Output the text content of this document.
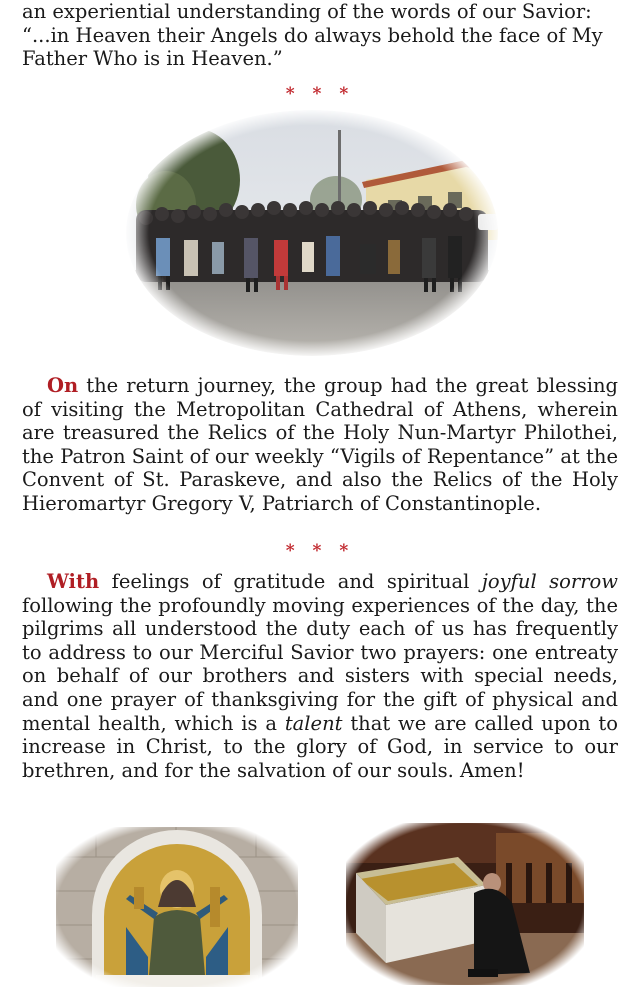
an experiential understanding of the words of our Savior:
“...in Heaven their Angels do always behold the face of My
Father Who is in Heaven.”
* * *
On the return journey, the group had the great blessing of visiting the Metropolitan Cathedral of Athens, wherein are treasured the Relics of the Holy Nun-Martyr Philothei, the Patron Saint of our weekly “Vigils of Repentance” at the Convent of St. Paraskeve, and also the Relics of the Holy Hieromartyr Gregory V, Patriarch of Constantinople.
* * *
With feelings of gratitude and spiritual joyful sorrow following the profoundly moving experiences of the day, the pilgrims all understood the duty each of us has frequently to address to our Merciful Savior two prayers: one entreaty on behalf of our brothers and sisters with special needs, and one prayer of thanksgiving for the gift of physical and mental health, which is a talent that we are called upon to increase in Christ, to the glory of God, in service to our brethren, and for the salvation of our souls. Amen!
